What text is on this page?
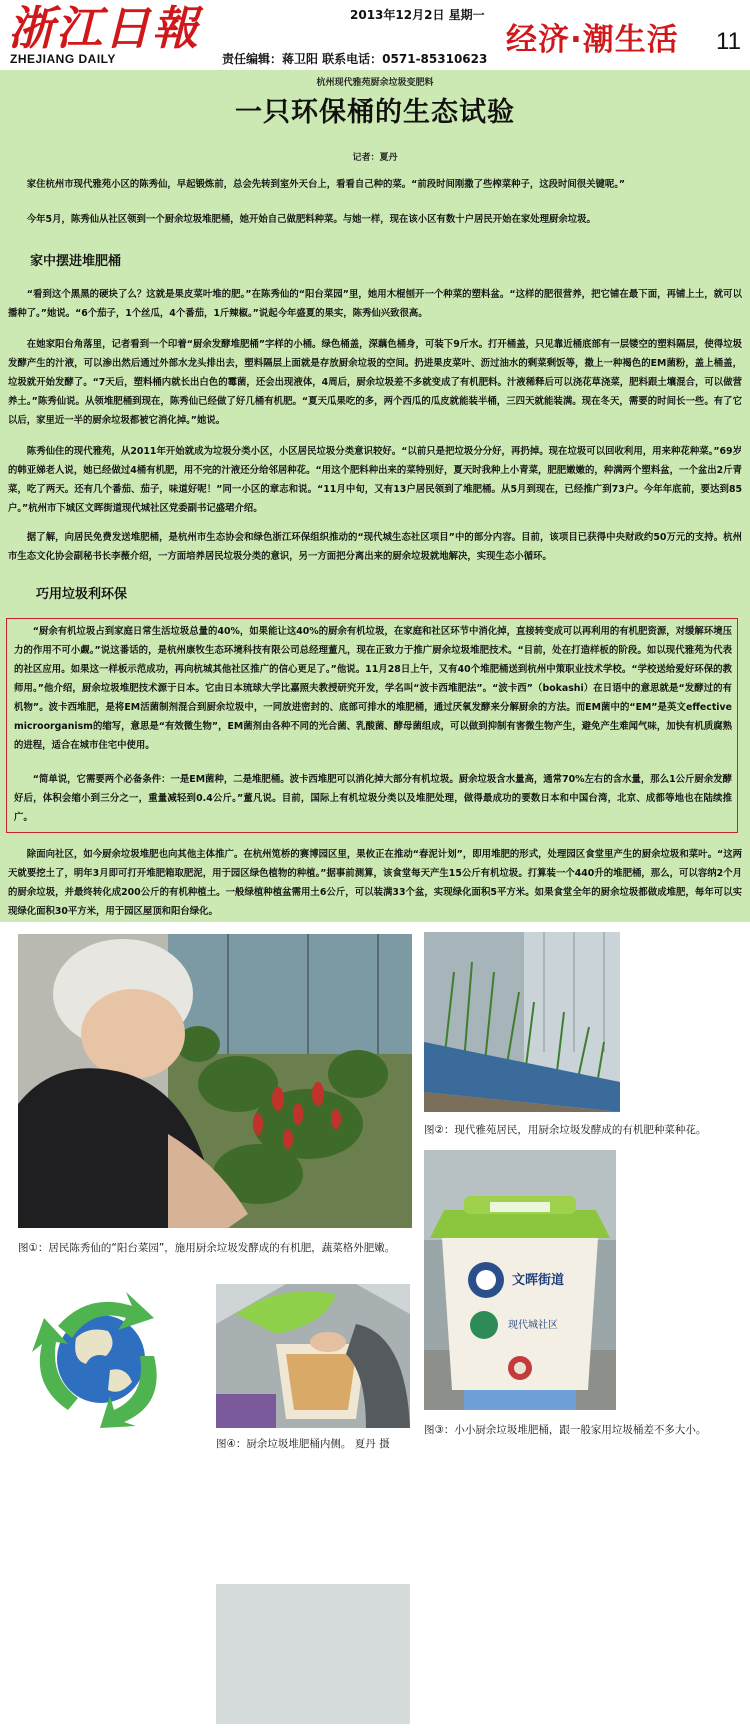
浙江日報
ZHEJIANG DAILY
2013年12月2日 星期一
责任编辑：蒋卫阳 联系电话：0571-85310623
经济·潮生活 11
杭州现代雅苑厨余垃圾变肥料
一只环保桶的生态试验
记者：夏丹

家住杭州市现代雅苑小区的陈秀仙，早起锻炼前，总会先转到室外天台上，看看自己种的菜。“前段时间刚撒了些榨菜种子，这段时间很关键呢。”

今年5月，陈秀仙从社区领到一个厨余垃圾堆肥桶，她开始自己做肥料种菜。与她一样，现在该小区有数十户居民开始在家处理厨余垃圾。

家中摆进堆肥桶

“看到这个黑黑的硬块了么？这就是果皮菜叶堆的肥。”在陈秀仙的“阳台菜园”里，她用木棍刨开一个种菜的塑料盆。“这样的肥很营养，把它铺在最下面，再铺上土，就可以播种了。”她说。“6个茄子，1个丝瓜，4个番茄，1斤辣椒。”说起今年盛夏的果实，陈秀仙兴致很高。

在她家阳台角落里，记者看到一个印着“厨余发酵堆肥桶”字样的小桶。绿色桶盖，深藕色桶身，可装下9斤水。打开桶盖，只见靠近桶底部有一层镂空的塑料隔层，使得垃圾发酵产生的汁液，可以渗出然后通过外部水龙头排出去，塑料隔层上面就是存放厨余垃圾的空间。扔进果皮菜叶、沥过油水的剩菜剩饭等，撒上一种褐色的EM菌粉，盖上桶盖，垃圾就开始发酵了。“7天后，塑料桶内就长出白色的霉菌，还会出现液体，4周后，厨余垃圾差不多就变成了有机肥料。汁液稀释后可以浇花草浇菜，肥料跟土壤混合，可以做营养土。”陈秀仙说。从领堆肥桶到现在，陈秀仙已经做了好几桶有机肥。“夏天瓜果吃的多，两个西瓜的瓜皮就能装半桶，三四天就能装满。现在冬天，需要的时间长一些。有了它以后，家里近一半的厨余垃圾都被它消化掉。”她说。

陈秀仙住的现代雅苑，从2011年开始就成为垃圾分类小区，小区居民垃圾分类意识较好。“以前只是把垃圾分分好，再扔掉。现在垃圾可以回收利用，用来种花种菜。”69岁的韩亚娣老人说，她已经做过4桶有机肥，用不完的汁液还分给邻居种花。“用这个肥料种出来的菜特别好，夏天时我种上小青菜，肥肥嫩嫩的，种满两个塑料盆，一个盆出2斤青菜，吃了两天。还有几个番茄、茄子，味道好呢！”同一小区的章志和说。“11月中旬，又有13户居民领到了堆肥桶。从5月到现在，已经推广到73户。今年年底前，要达到85户。”杭州市下城区文晖街道现代城社区党委副书记盛珺介绍。

据了解，向居民免费发送堆肥桶，是杭州市生态协会和绿色浙江环保组织推动的“现代城生态社区项目”中的部分内容。目前，该项目已获得中央财政约50万元的支持。杭州市生态文化协会副秘书长李薇介绍，一方面培养居民垃圾分类的意识，另一方面把分离出来的厨余垃圾就地解决，实现生态小循环。

巧用垃圾利环保

“厨余有机垃圾占到家庭日常生活垃圾总量的40%，如果能让这40%的厨余有机垃圾，在家庭和社区环节中消化掉，直接转变成可以再利用的有机肥资源，对缓解环境压力的作用不可小觑。”说这番话的，是杭州康牧生态环境科技有限公司总经理董凡，现在正致力于推广厨余垃圾堆肥技术。“目前，处在打造样板的阶段。如以现代雅苑为代表的社区应用。如果这一样板示范成功，再向杭城其他社区推广的信心更足了。”他说。11月28日上午，又有40个堆肥桶送到杭州中策职业技术学校。“学校送给爱好环保的教师用。”他介绍，厨余垃圾堆肥技术源于日本。它由日本琉球大学比嘉照夫教授研究开发，学名叫“波卡西堆肥法”。“波卡西”（bokashi）在日语中的意思就是“发酵过的有机物”。波卡西堆肥，是将EM活菌制剂混合到厨余垃圾中，一同放进密封的、底部可排水的堆肥桶，通过厌氧发酵来分解厨余的方法。而EM菌中的“EM”是英文effective microorganism的缩写，意思是“有效微生物”，EM菌剂由各种不同的光合菌、乳酸菌、酵母菌组成，可以做到抑制有害微生物产生，避免产生难闻气味，加快有机质腐熟的进程，适合在城市住宅中使用。

“简单说，它需要两个必备条件：一是EM菌种，二是堆肥桶。波卡西堆肥可以消化掉大部分有机垃圾。厨余垃圾含水量高，通常70%左右的含水量，那么1公斤厨余发酵好后，体积会缩小到三分之一，重量减轻到0.4公斤。”董凡说。目前，国际上有机垃圾分类以及堆肥处理，做得最成功的要数日本和中国台湾，北京、成都等地也在陆续推广。

除面向社区，如今厨余垃圾堆肥也向其他主体推广。在杭州笕桥的赛博园区里，果攸正在推动“春泥计划”，即用堆肥的形式，处理园区食堂里产生的厨余垃圾和菜叶。“这两天就要挖土了，明年3月即可打开堆肥箱取肥泥，用于园区绿色植物的种植。”据事前测算，该食堂每天产生15公斤有机垃圾。打算装一个440升的堆肥桶，那么，可以容纳2个月的厨余垃圾，并最终转化成200公斤的有机种植土。一般绿植种植盆需用土6公斤，可以装满33个盆，实现绿化面积5平方米。如果食堂全年的厨余垃圾都做成堆肥，每年可以实现绿化面积30平方米，用于园区屋顶和阳台绿化。

图①：居民陈秀仙的“阳台菜园”，施用厨余垃圾发酵成的有机肥，蔬菜格外肥嫩。
图②：现代雅苑居民，用厨余垃圾发酵成的有机肥种菜种花。
文晖街道
现代城社区
图③：小小厨余垃圾堆肥桶，跟一般家用垃圾桶差不多大小。
图④：厨余垃圾堆肥桶内侧。 夏丹 摄
